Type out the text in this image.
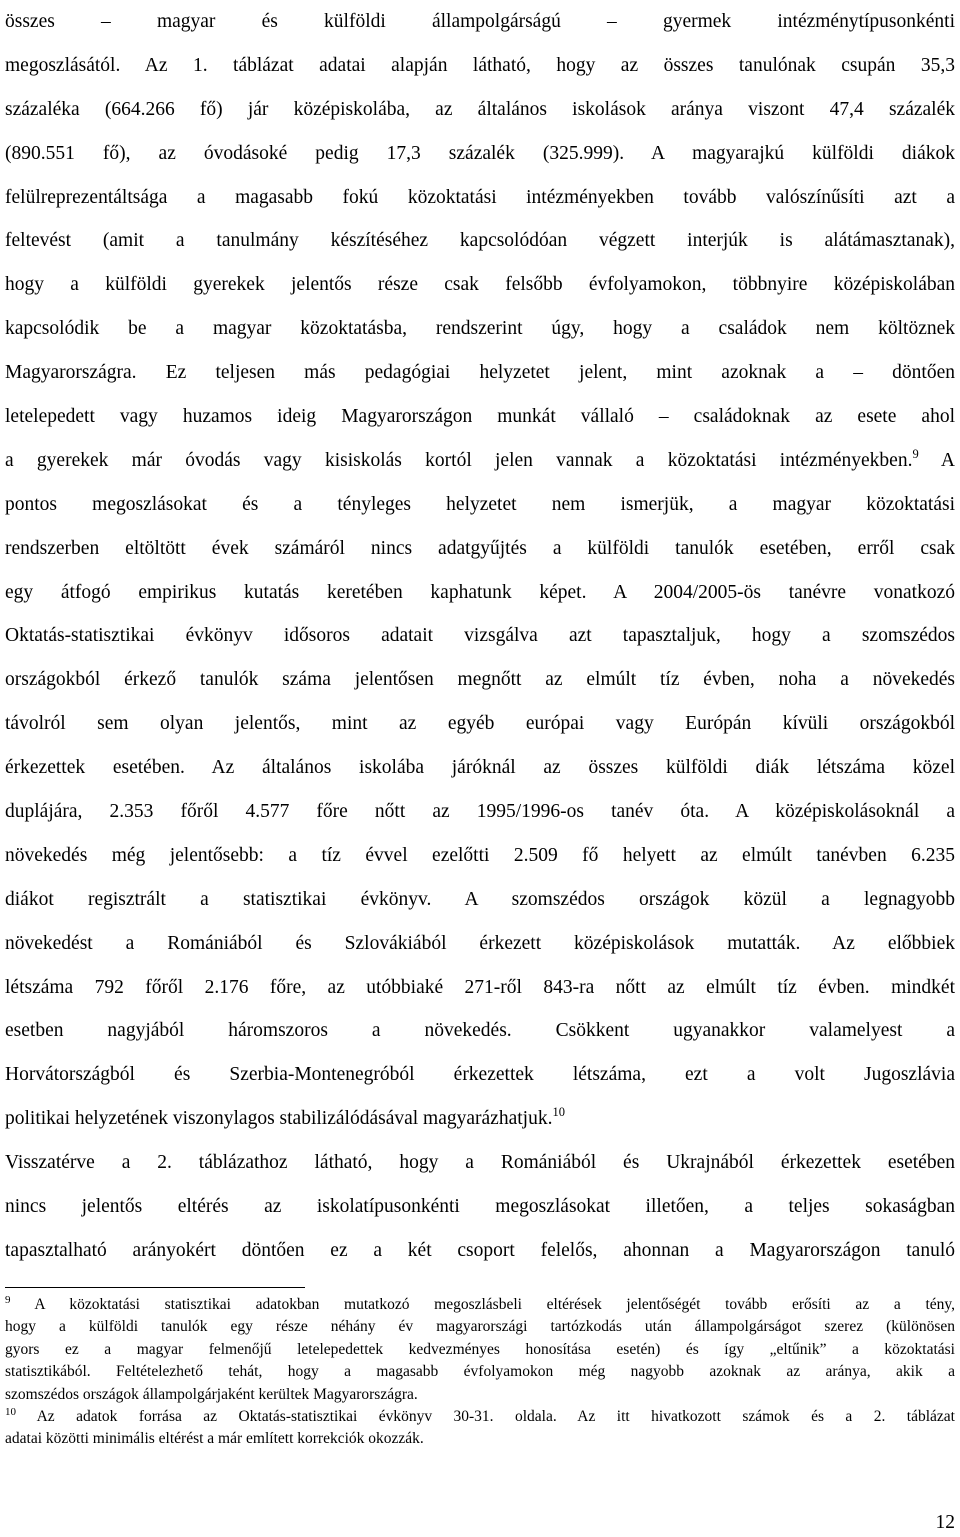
összes – magyar és külföldi állampolgárságú – gyermek intézménytípusonkénti
megoszlásától. Az 1. táblázat adatai alapján látható, hogy az összes tanulónak csupán 35,3
százaléka (664.266 fő) jár középiskolába, az általános iskolások aránya viszont 47,4 százalék
(890.551 fő), az óvodásoké pedig 17,3 százalék (325.999). A magyarajkú külföldi diákok
felülreprezentáltsága a magasabb fokú közoktatási intézményekben tovább valószínűsíti azt a
feltevést (amit a tanulmány készítéséhez kapcsolódóan végzett interjúk is alátámasztanak),
hogy a külföldi gyerekek jelentős része csak felsőbb évfolyamokon, többnyire középiskolában
kapcsolódik be a magyar közoktatásba, rendszerint úgy, hogy a családok nem költöznek
Magyarországra. Ez teljesen más pedagógiai helyzetet jelent, mint azoknak a – döntően
letelepedett vagy huzamos ideig Magyarországon munkát vállaló – családoknak az esete ahol
a gyerekek már óvodás vagy kisiskolás kortól jelen vannak a közoktatási intézményekben.$^9$ A
pontos megoszlásokat és a tényleges helyzetet nem ismerjük, a magyar közoktatási
rendszerben eltöltött évek számáról nincs adatgyűjtés a külföldi tanulók esetében, erről csak
egy átfogó empirikus kutatás keretében kaphatunk képet. A 2004/2005-ös tanévre vonatkozó
Oktatás-statisztikai évkönyv idősoros adatait vizsgálva azt tapasztaljuk, hogy a szomszédos
országokból érkező tanulók száma jelentősen megnőtt az elmúlt tíz évben, noha a növekedés
távolról sem olyan jelentős, mint az egyéb európai vagy Európán kívüli országokból
érkezettek esetében. Az általános iskolába járóknál az összes külföldi diák létszáma közel
duplájára, 2.353 főről 4.577 főre nőtt az 1995/1996-os tanév óta. A középiskolásoknál a
növekedés még jelentősebb: a tíz évvel ezelőtti 2.509 fő helyett az elmúlt tanévben 6.235
diákot regisztrált a statisztikai évkönyv. A szomszédos országok közül a legnagyobb
növekedést a Romániából és Szlovákiából érkezett középiskolások mutatták. Az előbbiek
létszáma 792 főről 2.176 főre, az utóbbiaké 271-ről 843-ra nőtt az elmúlt tíz évben. mindkét
esetben nagyjából háromszoros a növekedés. Csökkent ugyanakkor valamelyest a
Horvátországból és Szerbia-Montenegróból érkezettek létszáma, ezt a volt Jugoszlávia
politikai helyzetének viszonylagos stabilizálódásával magyarázhatjuk.$^{10}$
Visszatérve a 2. táblázathoz látható, hogy a Romániából és Ukrajnából érkezettek esetében
nincs jelentős eltérés az iskolatípusonkénti megoszlásokat illetően, a teljes sokaságban
tapasztalható arányokért döntően ez a két csoport felelős, ahonnan a Magyarországon tanuló
$^9$ A közoktatási statisztikai adatokban mutatkozó megoszlásbeli eltérések jelentőségét tovább erősíti az a tény,
hogy a külföldi tanulók egy része néhány év magyarországi tartózkodás után állampolgárságot szerez (különösen
gyors ez a magyar felmenőjű letelepedettek kedvezményes honosítása esetén) és így „eltűnik” a közoktatási
statisztikából. Feltételezhető tehát, hogy a magasabb évfolyamokon még nagyobb azoknak az aránya, akik a
szomszédos országok állampolgárjaként kerültek Magyarországra.
$^{10}$ Az adatok forrása az Oktatás-statisztikai évkönyv 30-31. oldala. Az itt hivatkozott számok és a 2. táblázat
adatai közötti minimális eltérést a már említett korrekciók okozzák.
12
